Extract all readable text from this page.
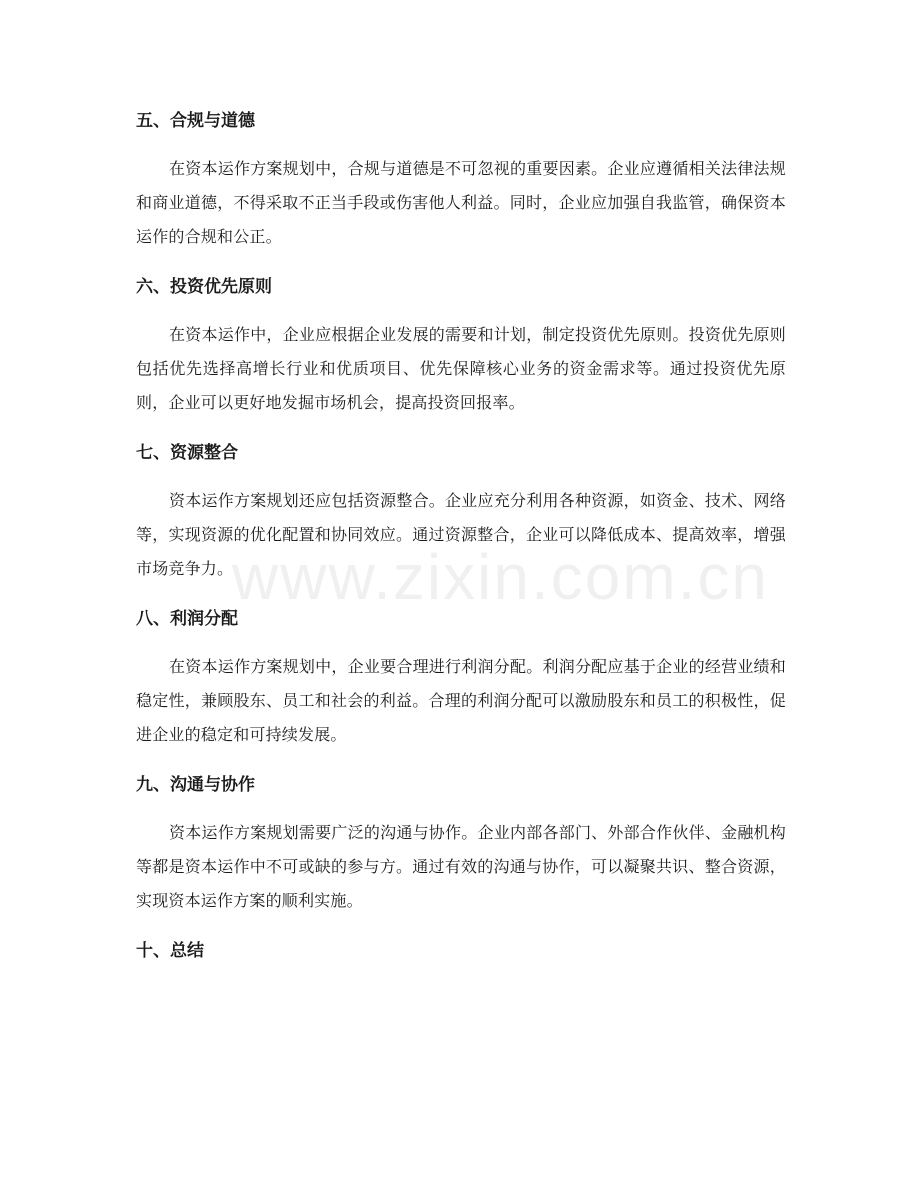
www.zixin.com.cn
五、合规与道德

在资本运作方案规划中，合规与道德是不可忽视的重要因素。企业应遵循相关法律法规和商业道德，不得采取不正当手段或伤害他人利益。同时，企业应加强自我监管，确保资本运作的合规和公正。

六、投资优先原则

在资本运作中，企业应根据企业发展的需要和计划，制定投资优先原则。投资优先原则包括优先选择高增长行业和优质项目、优先保障核心业务的资金需求等。通过投资优先原则，企业可以更好地发掘市场机会，提高投资回报率。

七、资源整合

资本运作方案规划还应包括资源整合。企业应充分利用各种资源，如资金、技术、网络等，实现资源的优化配置和协同效应。通过资源整合，企业可以降低成本、提高效率，增强市场竞争力。

八、利润分配

在资本运作方案规划中，企业要合理进行利润分配。利润分配应基于企业的经营业绩和稳定性，兼顾股东、员工和社会的利益。合理的利润分配可以激励股东和员工的积极性，促进企业的稳定和可持续发展。

九、沟通与协作

资本运作方案规划需要广泛的沟通与协作。企业内部各部门、外部合作伙伴、金融机构等都是资本运作中不可或缺的参与方。通过有效的沟通与协作，可以凝聚共识、整合资源，实现资本运作方案的顺利实施。

十、总结
